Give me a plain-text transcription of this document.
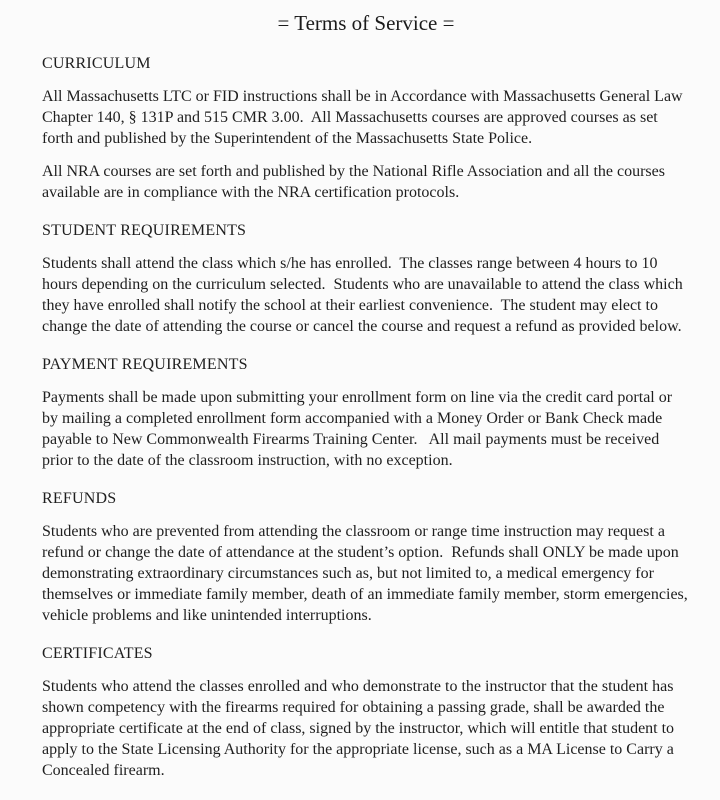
= Terms of Service =
CURRICULUM

All Massachusetts LTC or FID instructions shall be in Accordance with Massachusetts General Law Chapter 140, § 131P and 515 CMR 3.00.  All Massachusetts courses are approved courses as set forth and published by the Superintendent of the Massachusetts State Police.

All NRA courses are set forth and published by the National Rifle Association and all the courses available are in compliance with the NRA certification protocols.

STUDENT REQUIREMENTS

Students shall attend the class which s/he has enrolled.  The classes range between 4 hours to 10 hours depending on the curriculum selected.  Students who are unavailable to attend the class which they have enrolled shall notify the school at their earliest convenience.  The student may elect to change the date of attending the course or cancel the course and request a refund as provided below.

PAYMENT REQUIREMENTS

Payments shall be made upon submitting your enrollment form on line via the credit card portal or by mailing a completed enrollment form accompanied with a Money Order or Bank Check made payable to New Commonwealth Firearms Training Center.   All mail payments must be received prior to the date of the classroom instruction, with no exception.

REFUNDS

Students who are prevented from attending the classroom or range time instruction may request a refund or change the date of attendance at the student’s option.  Refunds shall ONLY be made upon demonstrating extraordinary circumstances such as, but not limited to, a medical emergency for themselves or immediate family member, death of an immediate family member, storm emergencies, vehicle problems and like unintended interruptions.

CERTIFICATES

Students who attend the classes enrolled and who demonstrate to the instructor that the student has shown competency with the firearms required for obtaining a passing grade, shall be awarded the appropriate certificate at the end of class, signed by the instructor, which will entitle that student to apply to the State Licensing Authority for the appropriate license, such as a MA License to Carry a Concealed firearm.
